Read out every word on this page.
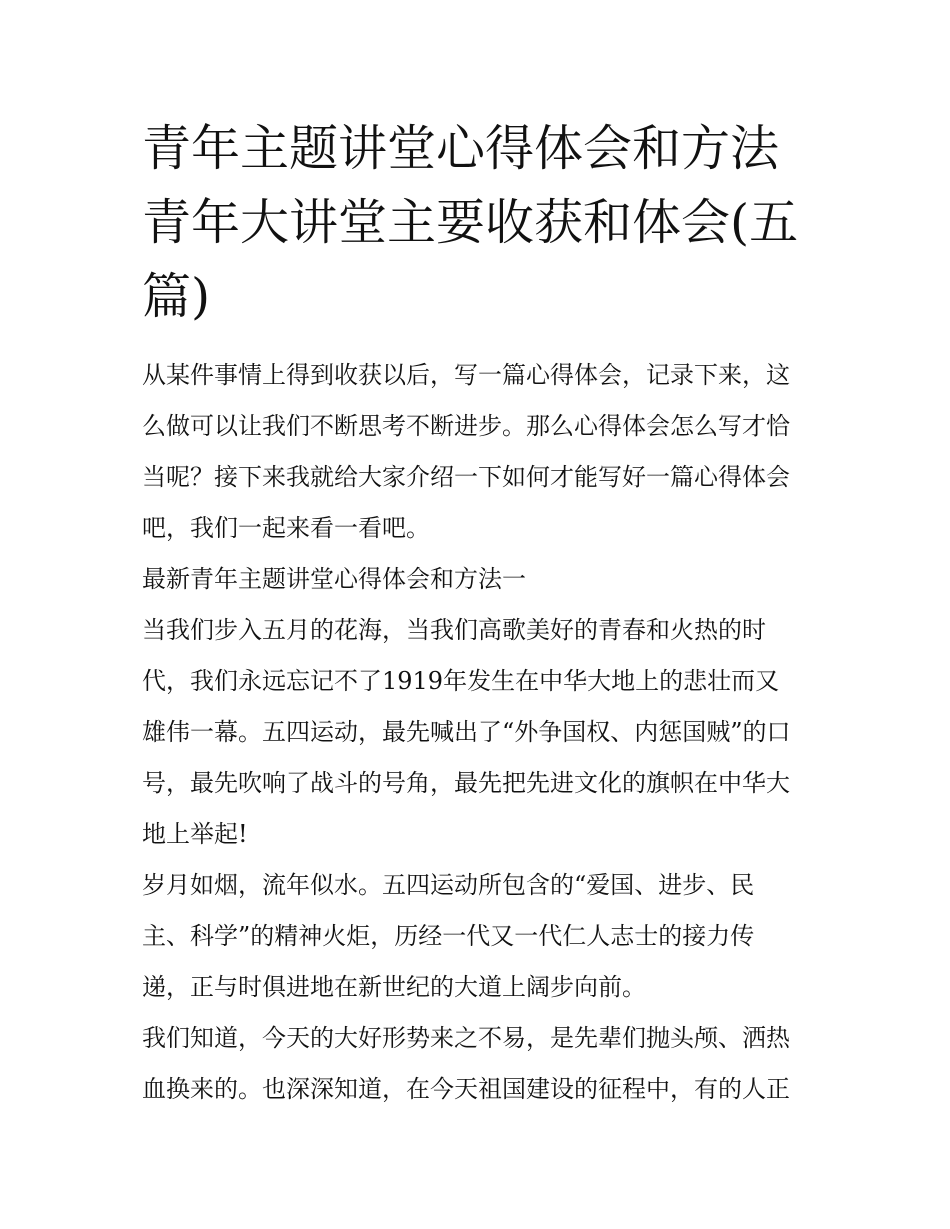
青年主题讲堂心得体会和方法
青年大讲堂主要收获和体会(五
篇)

从某件事情上得到收获以后，写一篇心得体会，记录下来，这
么做可以让我们不断思考不断进步。那么心得体会怎么写才恰
当呢？接下来我就给大家介绍一下如何才能写好一篇心得体会
吧，我们一起来看一看吧。

最新青年主题讲堂心得体会和方法一

当我们步入五月的花海，当我们高歌美好的青春和火热的时
代，我们永远忘记不了1919年发生在中华大地上的悲壮而又
雄伟一幕。五四运动，最先喊出了“外争国权、内惩国贼”的口
号，最先吹响了战斗的号角，最先把先进文化的旗帜在中华大
地上举起!

岁月如烟，流年似水。五四运动所包含的“爱国、进步、民
主、科学”的精神火炬，历经一代又一代仁人志士的接力传
递，正与时俱进地在新世纪的大道上阔步向前。

我们知道，今天的大好形势来之不易，是先辈们抛头颅、洒热
血换来的。也深深知道，在今天祖国建设的征程中，有的人正
